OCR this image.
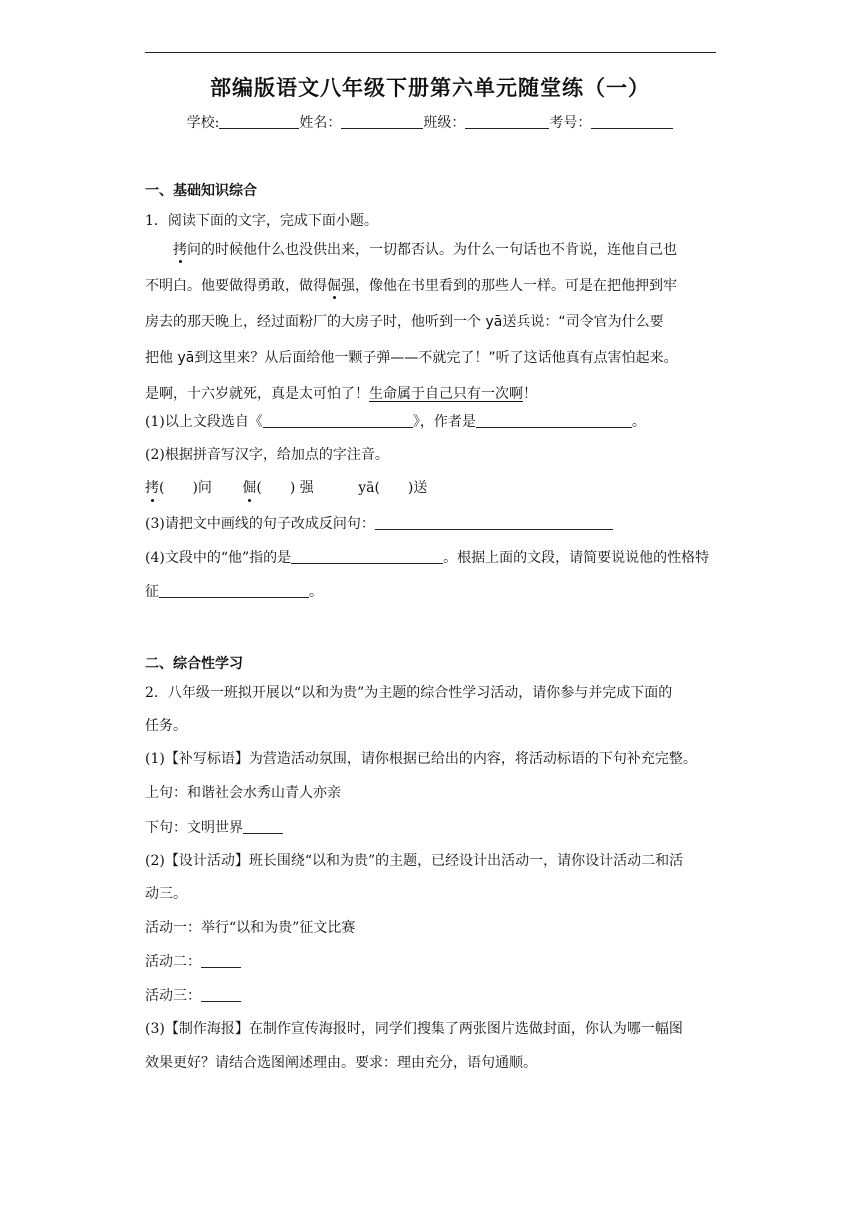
部编版语文八年级下册第六单元随堂练（一）
学校:	姓名：	班级：	考号：
一、基础知识综合
1．阅读下面的文字，完成下面小题。

拷问的时候他什么也没供出来，一切都否认。为什么一句话也不肯说，连他自己也

不明白。他要做得勇敢，做得倔强，像他在书里看到的那些人一样。可是在把他押到牢

房去的那天晚上，经过面粉厂的大房子时，他听到一个 yā送兵说：“司令官为什么要

把他 yā到这里来？从后面给他一颗子弹——不就完了！”听了这话他真有点害怕起来。

是啊，十六岁就死，真是太可怕了！生命属于自己只有一次啊！

(1)以上文段选自《	》，作者是	。
(2)根据拼音写汉字，给加点的字注音。
拷(　　)问 倔(　　) 强	yā(　　)送
(3)请把文中画线的句子改成反问句：
(4)文段中的“他”指的是	。根据上面的文段，请简要说说他的性格特
征	。
二、综合性学习
2．八年级一班拟开展以“以和为贵”为主题的综合性学习活动，请你参与并完成下面的
任务。
(1)【补写标语】为营造活动氛围，请你根据已给出的内容，将活动标语的下句补充完整。
上句：和谐社会水秀山青人亦亲
下句：文明世界
(2)【设计活动】班长围绕“以和为贵”的主题，已经设计出活动一，请你设计活动二和活
动三。
活动一：举行“以和为贵”征文比赛
活动二：
活动三：
(3)【制作海报】在制作宣传海报时，同学们搜集了两张图片选做封面，你认为哪一幅图
效果更好？请结合选图阐述理由。要求：理由充分，语句通顺。
